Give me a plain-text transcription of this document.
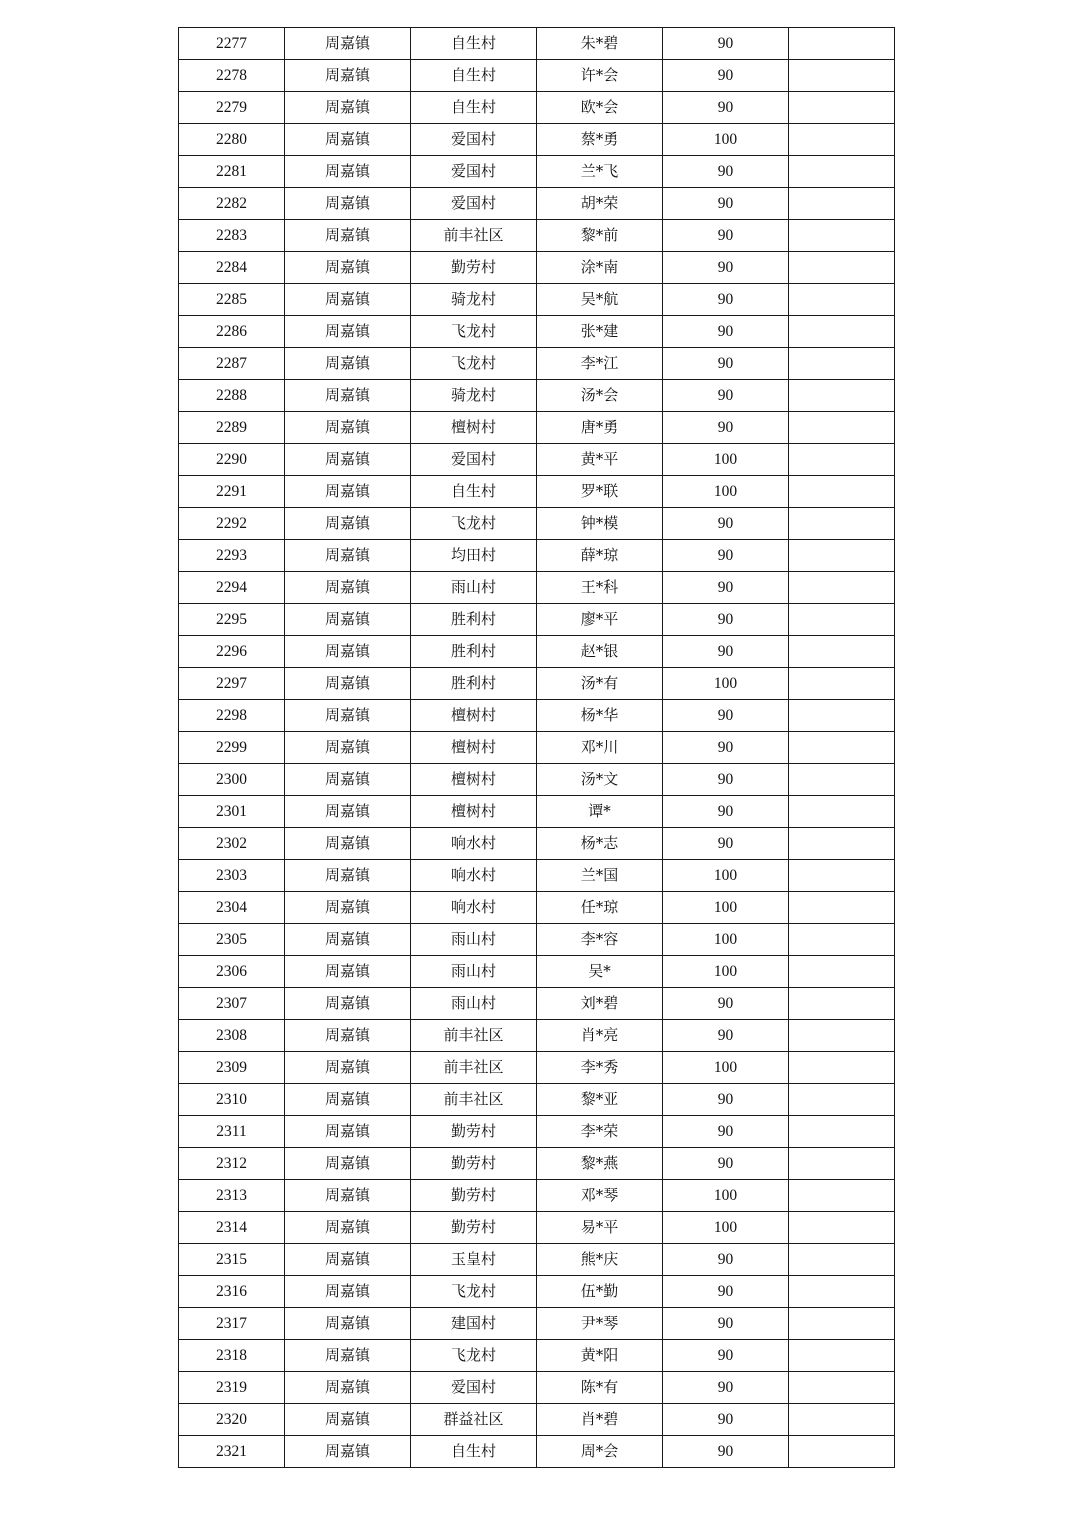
2277	周嘉镇	自生村	朱*碧	90	
2278	周嘉镇	自生村	许*会	90	
2279	周嘉镇	自生村	欧*会	90	
2280	周嘉镇	爱国村	蔡*勇	100	
2281	周嘉镇	爱国村	兰*飞	90	
2282	周嘉镇	爱国村	胡*荣	90	
2283	周嘉镇	前丰社区	黎*前	90	
2284	周嘉镇	勤劳村	涂*南	90	
2285	周嘉镇	骑龙村	吴*航	90	
2286	周嘉镇	飞龙村	张*建	90	
2287	周嘉镇	飞龙村	李*江	90	
2288	周嘉镇	骑龙村	汤*会	90	
2289	周嘉镇	檀树村	唐*勇	90	
2290	周嘉镇	爱国村	黄*平	100	
2291	周嘉镇	自生村	罗*联	100	
2292	周嘉镇	飞龙村	钟*模	90	
2293	周嘉镇	均田村	薛*琼	90	
2294	周嘉镇	雨山村	王*科	90	
2295	周嘉镇	胜利村	廖*平	90	
2296	周嘉镇	胜利村	赵*银	90	
2297	周嘉镇	胜利村	汤*有	100	
2298	周嘉镇	檀树村	杨*华	90	
2299	周嘉镇	檀树村	邓*川	90	
2300	周嘉镇	檀树村	汤*文	90	
2301	周嘉镇	檀树村	谭*	90	
2302	周嘉镇	响水村	杨*志	90	
2303	周嘉镇	响水村	兰*国	100	
2304	周嘉镇	响水村	任*琼	100	
2305	周嘉镇	雨山村	李*容	100	
2306	周嘉镇	雨山村	吴*	100	
2307	周嘉镇	雨山村	刘*碧	90	
2308	周嘉镇	前丰社区	肖*亮	90	
2309	周嘉镇	前丰社区	李*秀	100	
2310	周嘉镇	前丰社区	黎*亚	90	
2311	周嘉镇	勤劳村	李*荣	90	
2312	周嘉镇	勤劳村	黎*燕	90	
2313	周嘉镇	勤劳村	邓*琴	100	
2314	周嘉镇	勤劳村	易*平	100	
2315	周嘉镇	玉皇村	熊*庆	90	
2316	周嘉镇	飞龙村	伍*勤	90	
2317	周嘉镇	建国村	尹*琴	90	
2318	周嘉镇	飞龙村	黄*阳	90	
2319	周嘉镇	爱国村	陈*有	90	
2320	周嘉镇	群益社区	肖*碧	90	
2321	周嘉镇	自生村	周*会	90	
